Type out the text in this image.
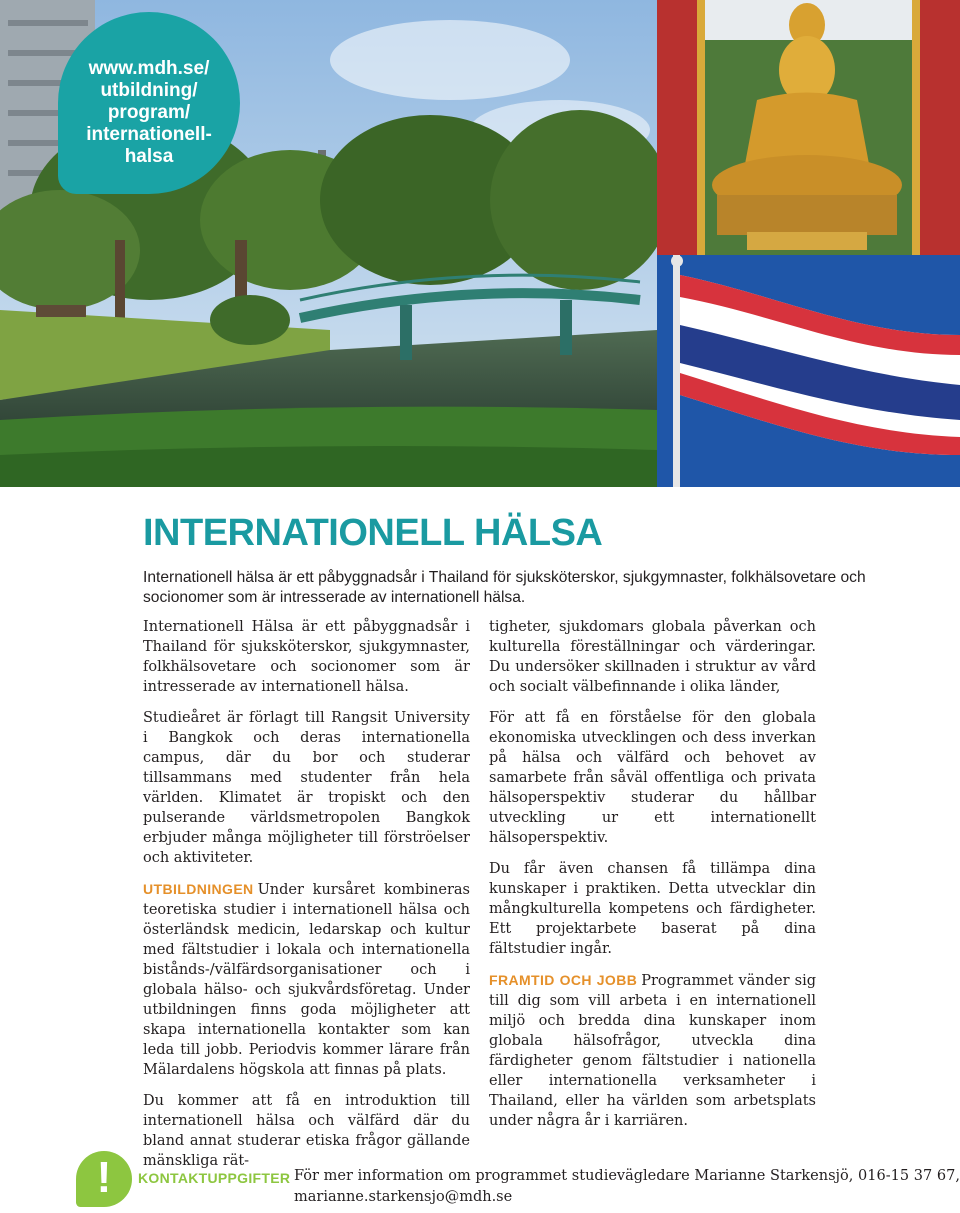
www.mdh.se/
utbildning/
program/
internationell-
halsa
INTERNATIONELL HÄLSA

Internationell hälsa är ett påbyggnadsår i Thailand för sjuksköterskor, sjukgymnaster, folkhälsovetare och socionomer som är intresserade av internationell hälsa.

Internationell Hälsa är ett påbyggnadsår i Thailand för sjuksköterskor, sjukgymnaster, folkhälsovetare och socionomer som är intresserade av internationell hälsa.

Studieåret är förlagt till Rangsit University i Bangkok och deras internationella campus, där du bor och studerar tillsammans med studenter från hela världen. Klimatet är tropiskt och den pulserande världsmetropolen Bangkok erbjuder många möjligheter till förströelser och aktiviteter.

UTBILDNINGEN Under kursåret kombineras teoretiska studier i internationell hälsa och österländsk medicin, ledarskap och kultur med fältstudier i lokala och internationella bistånds-/välfärdsorganisationer och i globala hälso- och sjukvårdsföretag. Under utbildningen finns goda möjligheter att skapa internationella kontakter som kan leda till jobb. Periodvis kommer lärare från Mälardalens högskola att finnas på plats.

Du kommer att få en introduktion till internationell hälsa och välfärd där du bland annat studerar etiska frågor gällande mänskliga rät-

tigheter, sjukdomars globala påverkan och kulturella föreställningar och värderingar. Du undersöker skillnaden i struktur av vård och socialt välbefinnande i olika länder,

För att få en förståelse för den globala ekonomiska utvecklingen och dess inverkan på hälsa och välfärd och behovet av samarbete från såväl offentliga och privata hälsoperspektiv studerar du hållbar utveckling ur ett internationellt hälsoperspektiv.

Du får även chansen få tillämpa dina kunskaper i praktiken. Detta utvecklar din mångkulturella kompetens och färdigheter. Ett projektarbete baserat på dina fältstudier ingår.

FRAMTID OCH JOBB Programmet vänder sig till dig som vill arbeta i en internationell miljö och bredda dina kunskaper inom globala hälsofrågor, utveckla dina färdigheter genom fältstudier i nationella eller internationella verksamheter i Thailand, eller ha världen som arbetsplats under några år i karriären.

!	KONTAKTUPPGIFTER För mer information om programmet studievägledare Marianne Starkensjö, 016-15 37 67, marianne.starkensjo@mdh.se
